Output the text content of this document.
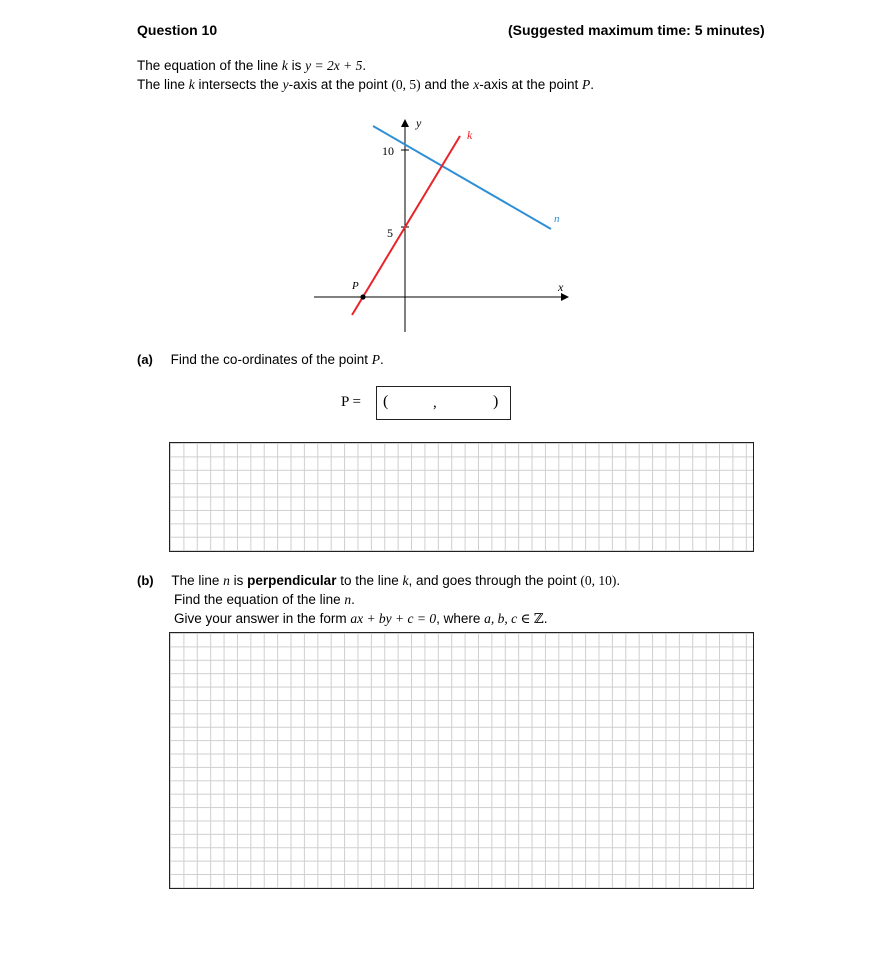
Question 10	(Suggested maximum time: 5 minutes)
The equation of the line k is y = 2x + 5.
The line k intersects the y-axis at the point (0, 5) and the x-axis at the point P.
y
x
10
5
k
n
P
(a) Find the co-ordinates of the point P.
P = (	,	)
(b) The line n is perpendicular to the line k, and goes through the point (0, 10).
Find the equation of the line n.
Give your answer in the form ax + by + c = 0, where a, b, c ∈ ℤ.
